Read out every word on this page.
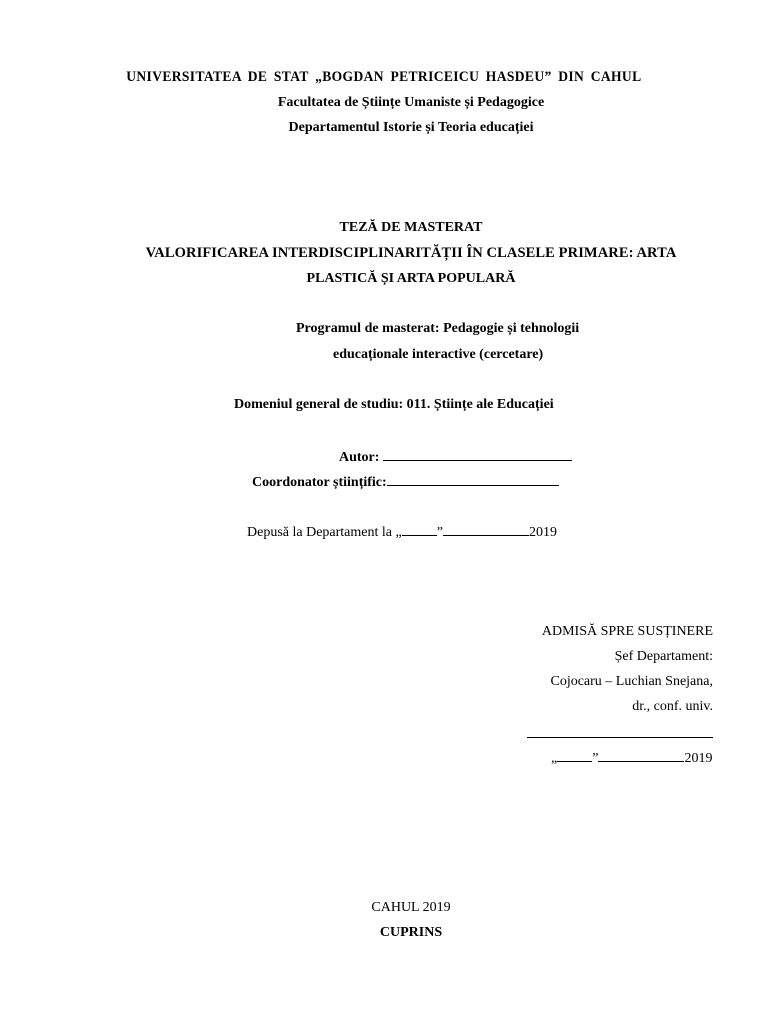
UNIVERSITATEA DE STAT „BOGDAN PETRICEICU HASDEU” DIN CAHUL
Facultatea de Științe Umaniste și Pedagogice
Departamentul Istorie și Teoria educației
TEZĂ DE MASTERAT
VALORIFICAREA INTERDISCIPLINARITĂȚII ÎN CLASELE PRIMARE: ARTA
PLASTICĂ ȘI ARTA POPULARĂ
Programul de masterat: Pedagogie și tehnologii
educaționale interactive (cercetare)
Domeniul general de studiu: 011. Științe ale Educației
Autor:
Coordonator științific:
Depusă la Departament la „	”	2019
ADMISĂ SPRE SUSȚINERE
Șef Departament:
Cojocaru – Luchian Snejana,
dr., conf. univ.
„	”	2019
CAHUL 2019
CUPRINS
